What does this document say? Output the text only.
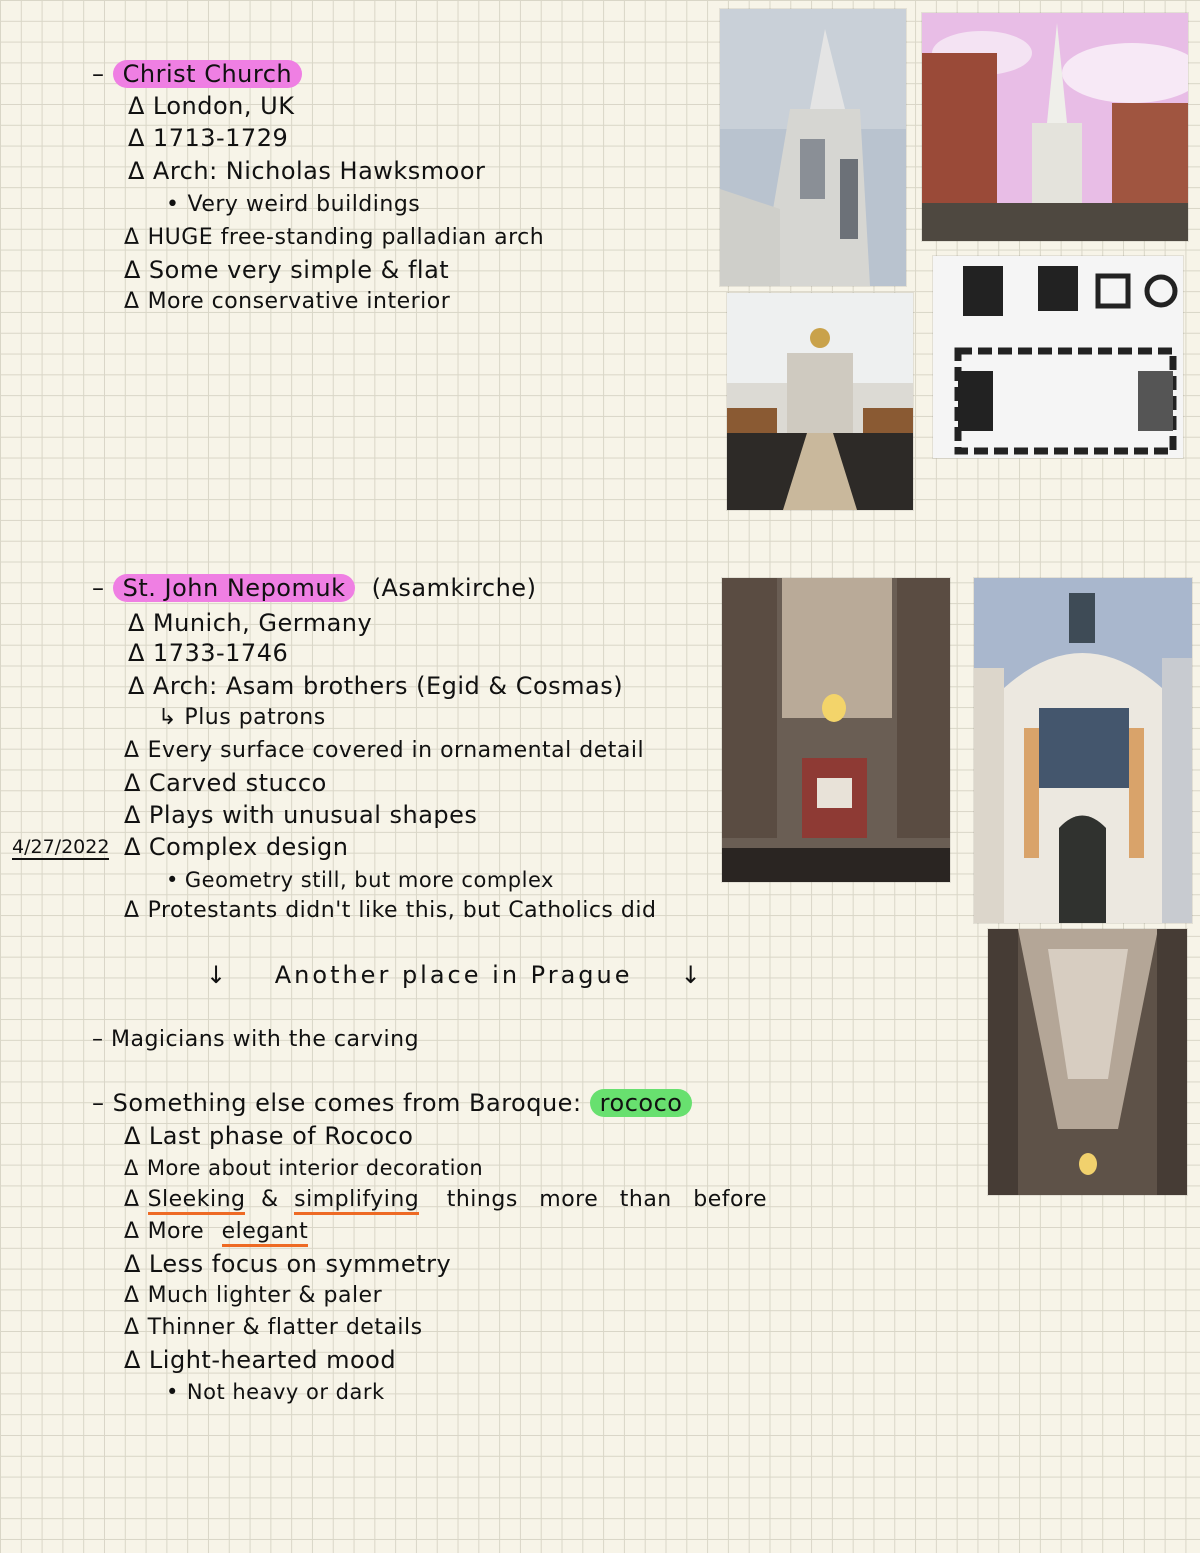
– Christ Church
Δ London, UK
Δ 1713-1729
Δ Arch: Nicholas Hawksmoor
• Very weird buildings
Δ HUGE free-standing palladian arch
Δ Some very simple & flat
Δ More conservative interior
– St. John Nepomuk (Asamkirche)
Δ Munich, Germany
Δ 1733-1746
Δ Arch: Asam brothers (Egid & Cosmas)
↳ Plus patrons
Δ Every surface covered in ornamental detail
Δ Carved stucco
Δ Plays with unusual shapes
Δ Complex design
• Geometry still, but more complex
Δ Protestants didn't like this, but Catholics did
4/27/2022
↓ Another place in Prague ↓
– Magicians with the carving
– Something else comes from Baroque: rococo
Δ Last phase of Rococo
Δ More about interior decoration
Δ Sleeking & simplifying things more than before
Δ More elegant
Δ Less focus on symmetry
Δ Much lighter & paler
Δ Thinner & flatter details
Δ Light-hearted mood
• Not heavy or dark
